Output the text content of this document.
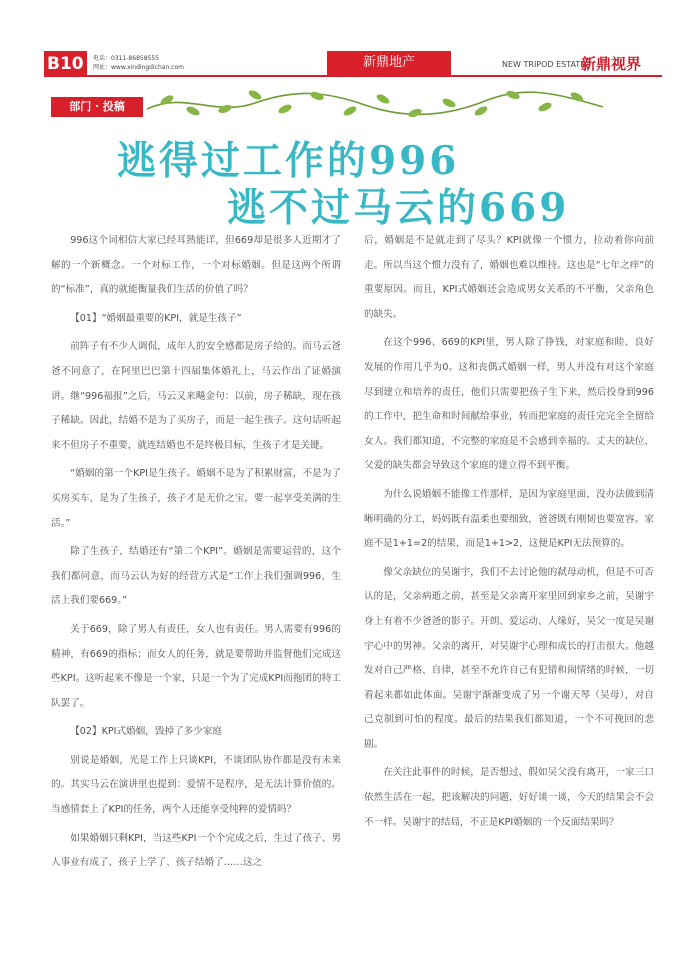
B10	电话：0311-86858555
网址：www.xindingdichan.com	新鼎地产	NEW TRIPOD ESTATE
新鼎视界
部门 · 投稿
逃得过工作的996
逃不过马云的669

996这个词相信大家已经耳熟能详，但669却是很多人近期才了解的一个新概念。一个对标工作，一个对标婚姻。但是这两个所谓的“标准”，真的就能衡量我们生活的价值了吗？

【01】“婚姻最重要的KPI，就是生孩子”

前阵子有不少人调侃，成年人的安全感都是房子给的。而马云爸爸不同意了，在阿里巴巴第十四届集体婚礼上，马云作出了证婚演讲。继“996福报”之后，马云又来飚金句：以前，房子稀缺，现在孩子稀缺。因此，结婚不是为了买房子，而是一起生孩子。这句话听起来不但房子不重要，就连结婚也不是终极目标，生孩子才是关键。

“婚姻的第一个KPI是生孩子。婚姻不是为了积累财富，不是为了买房买车，是为了生孩子，孩子才是无价之宝，要一起享受美满的生活。”

除了生孩子，结婚还有“第二个KPI”。婚姻是需要运营的，这个我们都同意，而马云认为好的经营方式是“工作上我们强调996，生活上我们要669。”

关于669，除了男人有责任，女人也有责任。男人需要有996的精神，有669的指标；而女人的任务，就是要帮助并监督他们完成这些KPI。这听起来不像是一个家，只是一个为了完成KPI而拖团的特工队罢了。

【02】KPI式婚姻，毁掉了多少家庭

别说是婚姻，光是工作上只谈KPI，不谈团队协作都是没有未来的。其实马云在演讲里也提到：爱情不是程序，是无法计算价值的。当感情套上了KPI的任务，两个人还能享受纯粹的爱情吗？

如果婚姻只剩KPI，当这些KPI一个个完成之后，生过了孩子、男人事业有成了、孩子上学了、孩子结婚了……这之

后，婚姻是不是就走到了尽头？KPI就像一个惯力，拉动着你向前走。所以当这个惯力没有了，婚姻也难以维持。这也是“七年之痒”的重要原因。而且，KPI式婚姻还会造成男女关系的不平衡，父亲角色的缺失。

在这个996、669的KPI里，男人除了挣钱，对家庭和睦、良好发展的作用几乎为0。这和丧偶式婚姻一样，男人并没有对这个家庭尽到建立和培养的责任，他们只需要把孩子生下来，然后投身到996的工作中，把生命和时间献给事业，转而把家庭的责任完完全全留给女人。我们都知道，不完整的家庭是不会感到幸福的。丈夫的缺位、父爱的缺失都会导致这个家庭的建立得不到平衡。

为什么说婚姻不能像工作那样，是因为家庭里面，没办法做到清晰明确的分工，妈妈既有温柔也要细致，爸爸既有刚韧也要宽容。家庭不是1+1=2的结果，而是1+1>2，这便是KPI无法预算的。

像父亲缺位的吴谢宇，我们不去讨论他的弑母动机，但是不可否认的是，父亲病逝之前，甚至是父亲离开家里回到家乡之前，吴谢宇身上有着不少爸爸的影子。开朗、爱运动、人缘好，吴父一度是吴谢宇心中的男神。父亲的离开，对吴谢宇心理和成长的打击很大。他越发对自己严格、自律，甚至不允许自己有犯错和闹情绪的时候，一切看起来都如此体面。吴谢宇渐渐变成了另一个谢天琴（吴母），对自己克制到可怕的程度。最后的结果我们都知道，一个不可挽回的悲剧。

在关注此事件的时候，是否想过，假如吴父没有离开，一家三口依然生活在一起，把该解决的问题，好好谈一谈，今天的结果会不会不一样。吴谢宇的结局，不正是KPI婚姻的一个反面结果吗？
